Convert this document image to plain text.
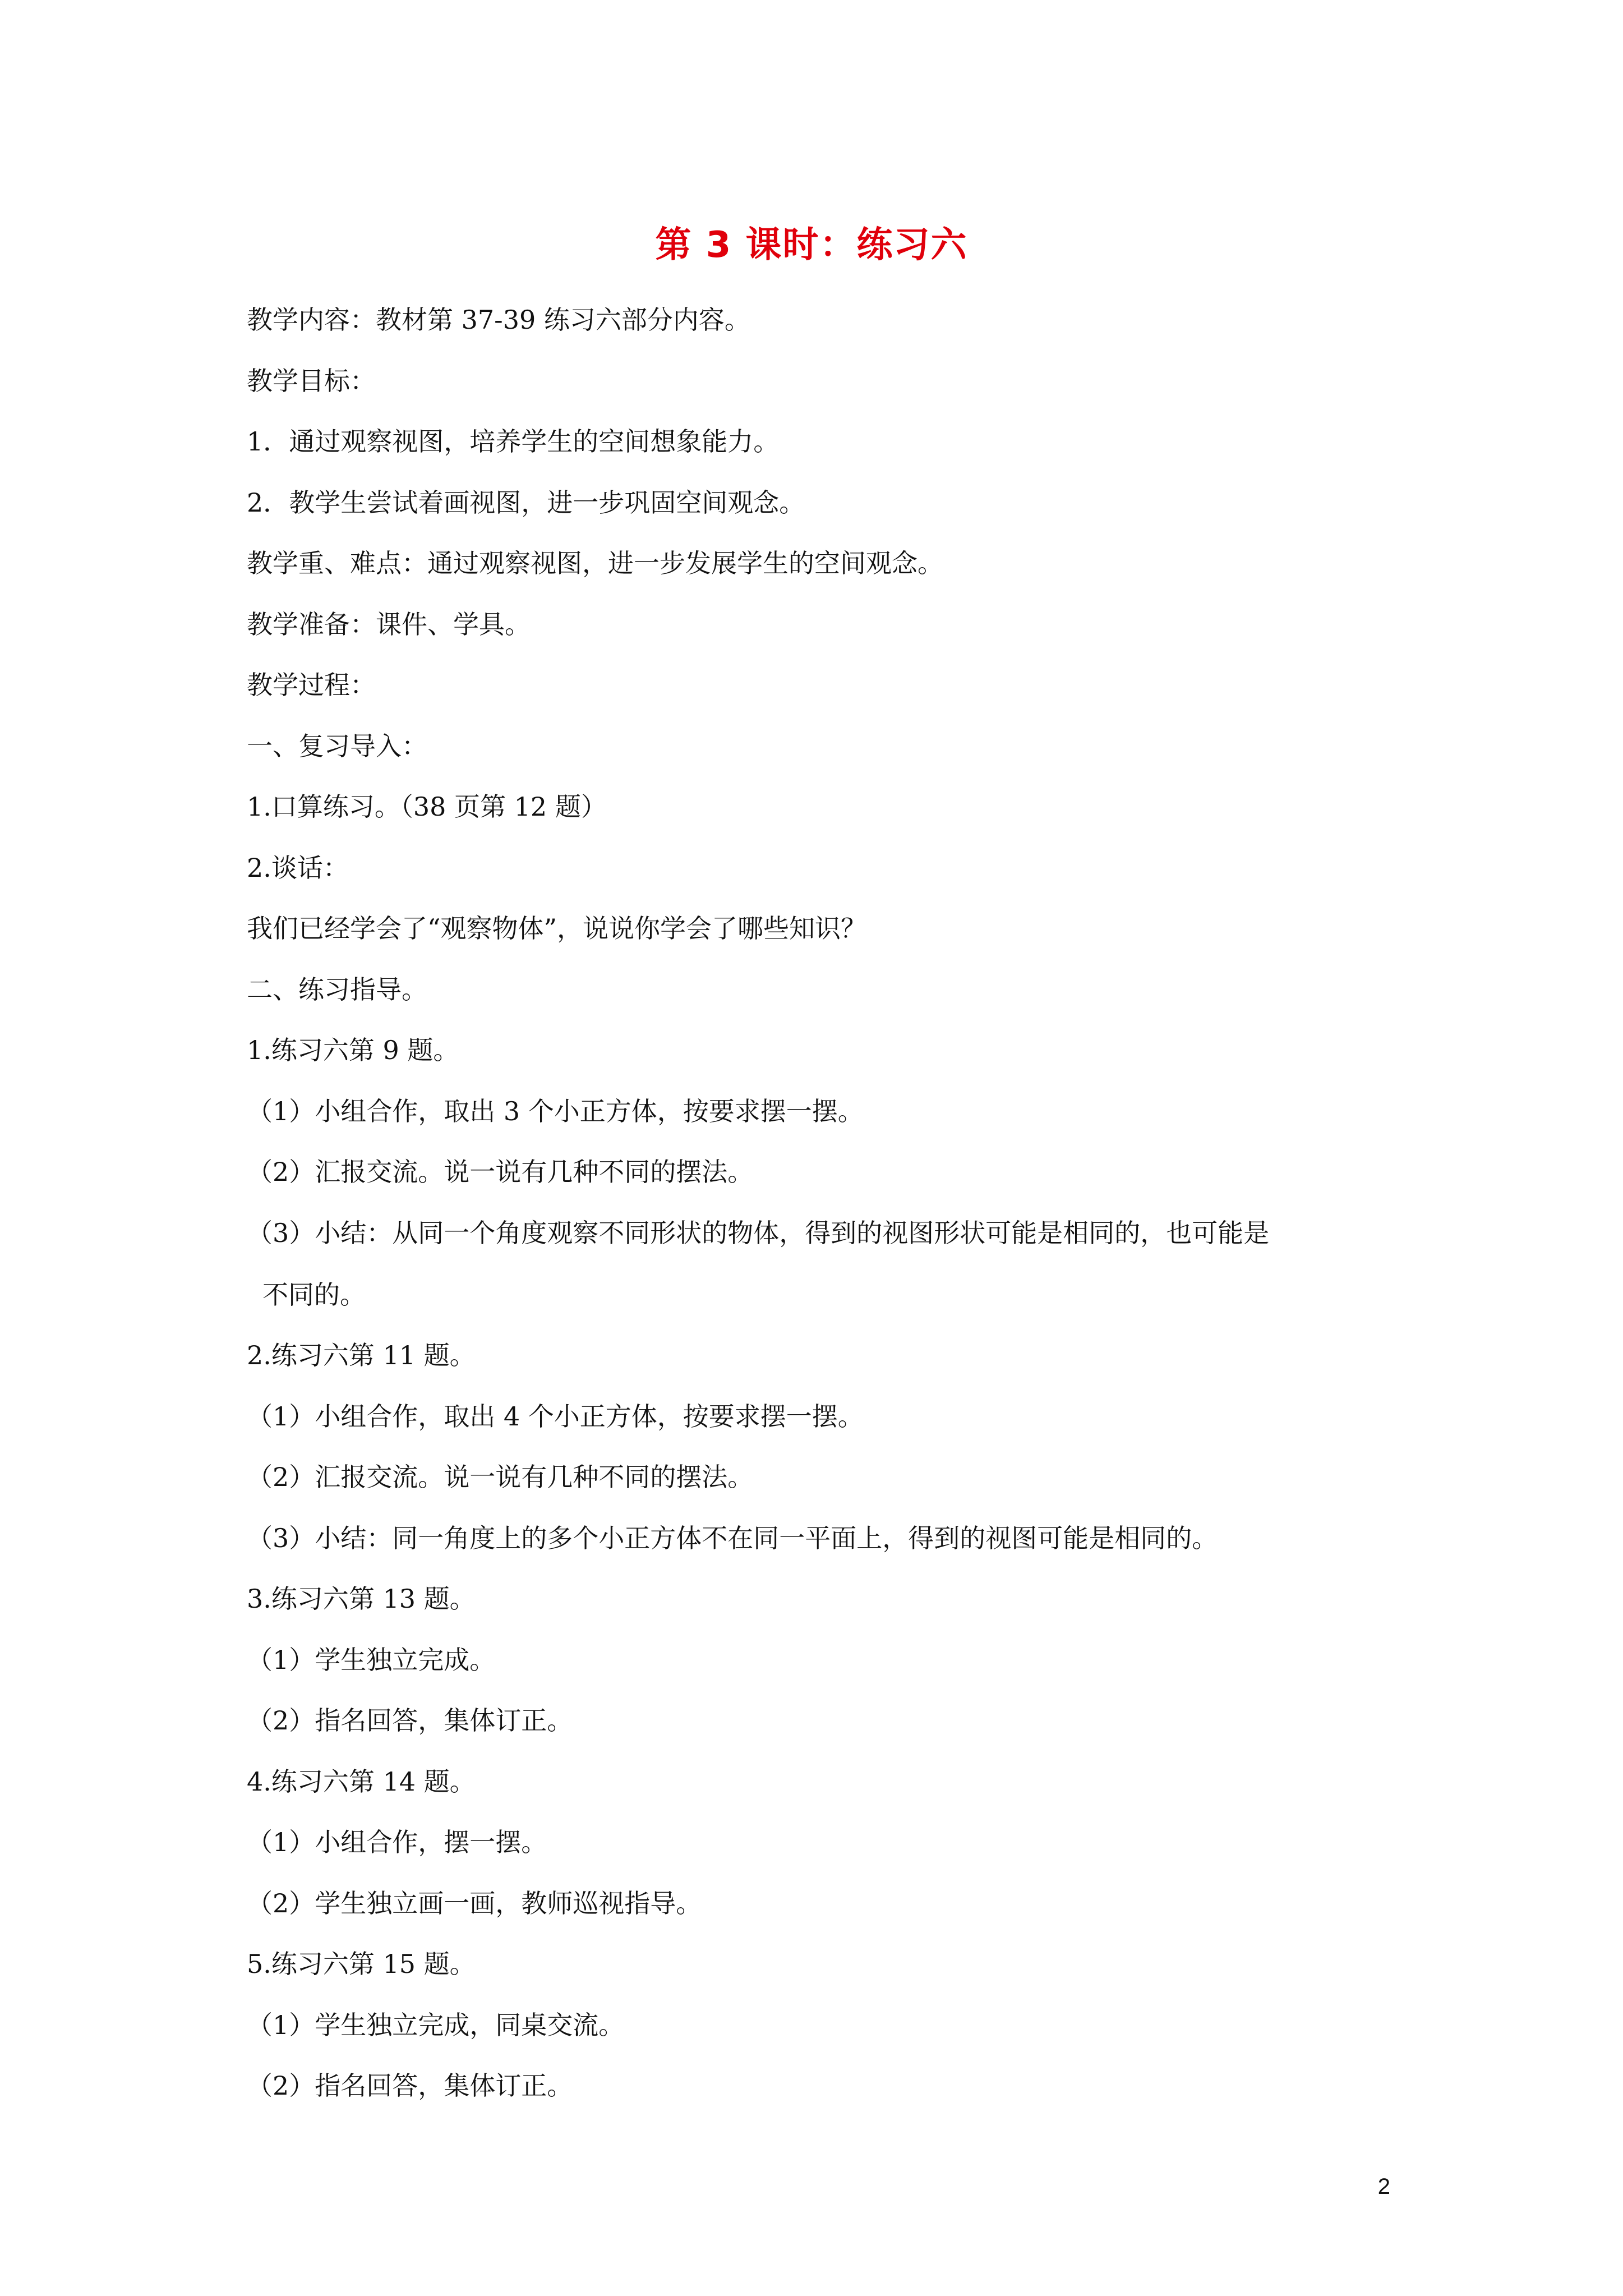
第 3 课时：练习六

教学内容：教材第 37-39 练习六部分内容。

教学目标：

1．通过观察视图，培养学生的空间想象能力。

2．教学生尝试着画视图，进一步巩固空间观念。

教学重、难点：通过观察视图，进一步发展学生的空间观念。

教学准备：课件、学具。

教学过程：

一、复习导入：

1.口算练习。（38 页第 12 题）

2.谈话：

我们已经学会了“观察物体”，说说你学会了哪些知识？

二、练习指导。

1.练习六第 9 题。

（1）小组合作，取出 3 个小正方体，按要求摆一摆。

（2）汇报交流。说一说有几种不同的摆法。

（3）小结：从同一个角度观察不同形状的物体，得到的视图形状可能是相同的，也可能是

不同的。

2.练习六第 11 题。

（1）小组合作，取出 4 个小正方体，按要求摆一摆。

（2）汇报交流。说一说有几种不同的摆法。

（3）小结：同一角度上的多个小正方体不在同一平面上，得到的视图可能是相同的。

3.练习六第 13 题。

（1）学生独立完成。

（2）指名回答，集体订正。

4.练习六第 14 题。

（1）小组合作，摆一摆。

（2）学生独立画一画，教师巡视指导。

5.练习六第 15 题。

（1）学生独立完成，同桌交流。

（2）指名回答，集体订正。

2
